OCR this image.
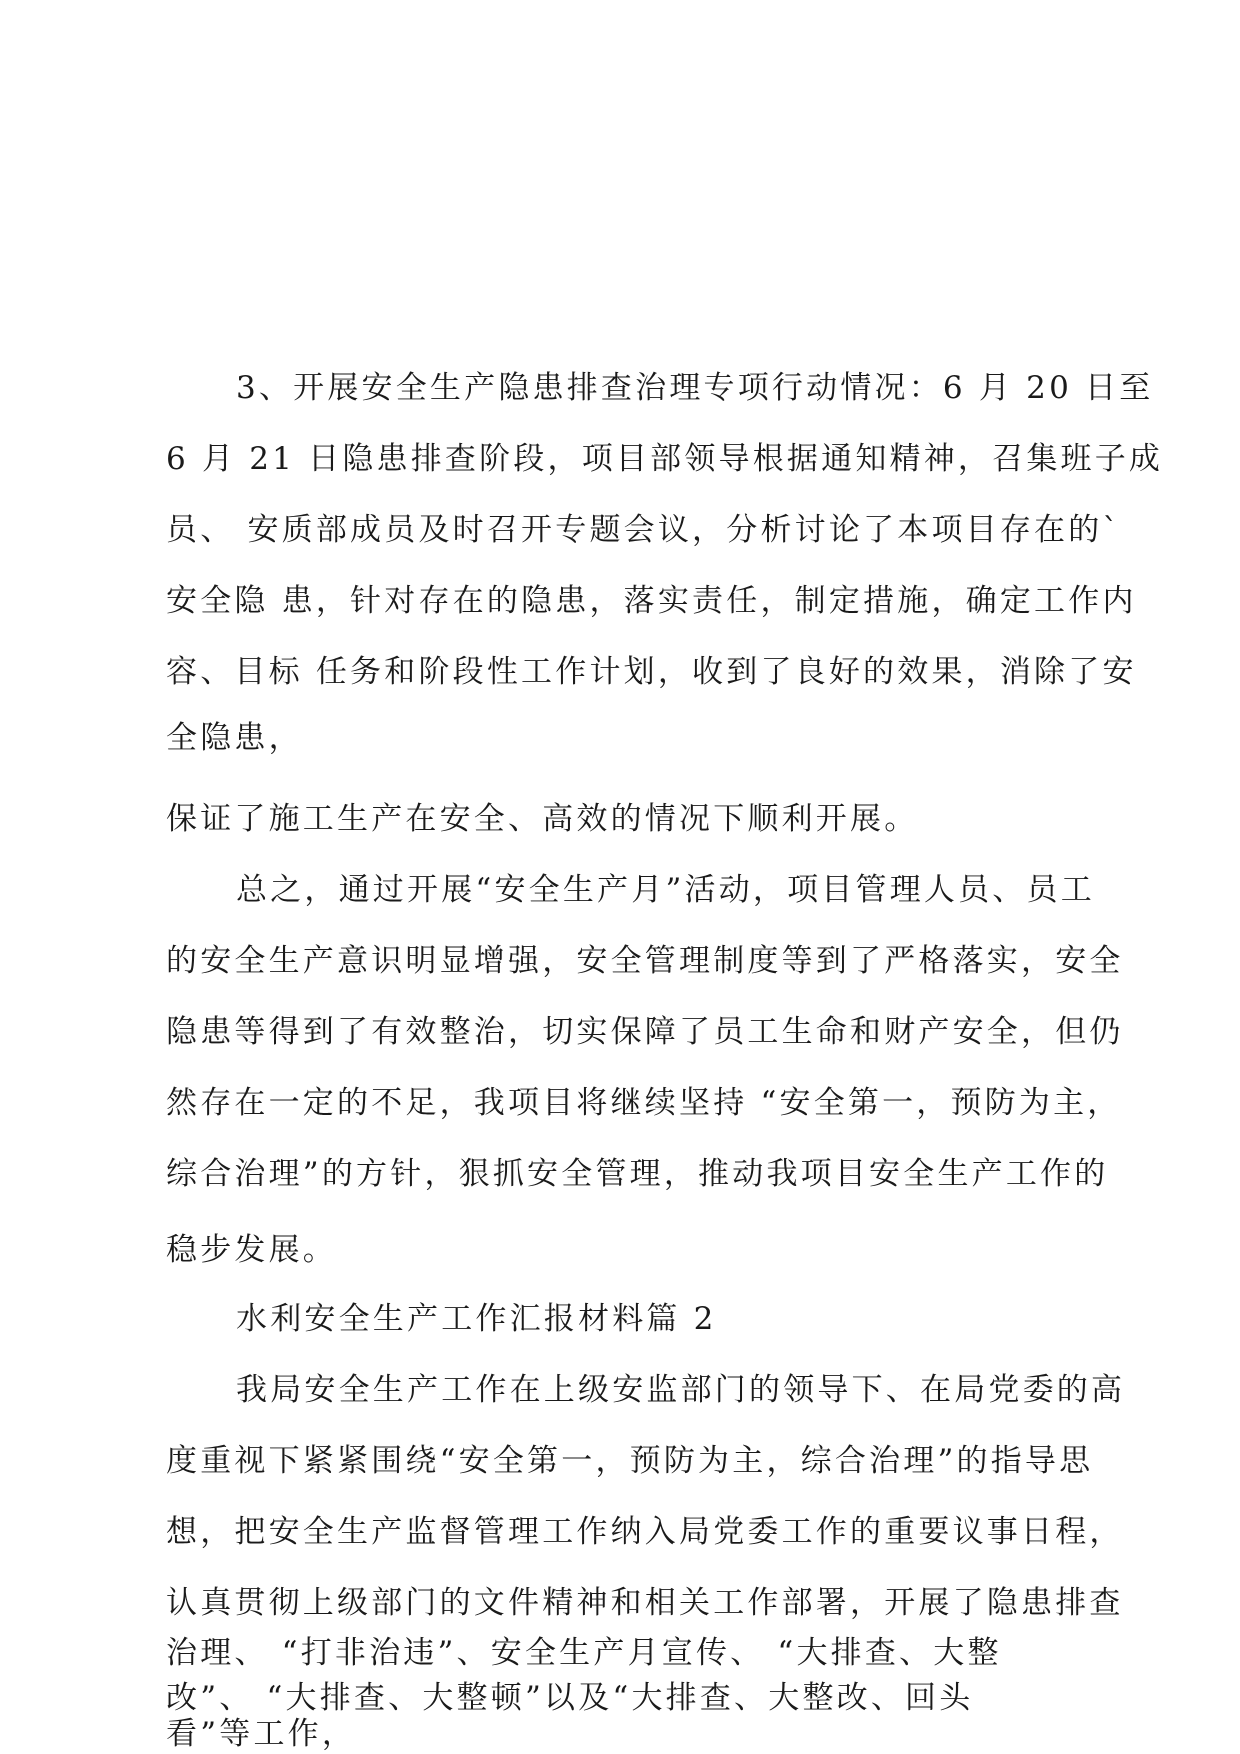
3、开展安全生产隐患排查治理专项行动情况：6 月 20 日至
6 月 21 日隐患排查阶段，项目部领导根据通知精神，召集班子成
员、 安质部成员及时召开专题会议，分析讨论了本项目存在的`
安全隐 患，针对存在的隐患，落实责任，制定措施，确定工作内
容、目标 任务和阶段性工作计划，收到了良好的效果，消除了安
全隐患，
保证了施工生产在安全、高效的情况下顺利开展。
总之，通过开展“安全生产月”活动，项目管理人员、员工
的安全生产意识明显增强，安全管理制度等到了严格落实，安全
隐患等得到了有效整治，切实保障了员工生命和财产安全，但仍
然存在一定的不足，我项目将继续坚持 “安全第一，预防为主，
综合治理”的方针，狠抓安全管理，推动我项目安全生产工作的
稳步发展。
水利安全生产工作汇报材料篇 2
我局安全生产工作在上级安监部门的领导下、在局党委的高
度重视下紧紧围绕“安全第一，预防为主，综合治理”的指导思
想，把安全生产监督管理工作纳入局党委工作的重要议事日程，
认真贯彻上级部门的文件精神和相关工作部署，开展了隐患排查
治理、 “打非治违”、安全生产月宣传、 “大排查、大整
改”、 “大排查、大整顿”以及“大排查、大整改、回头
看”等工作，
